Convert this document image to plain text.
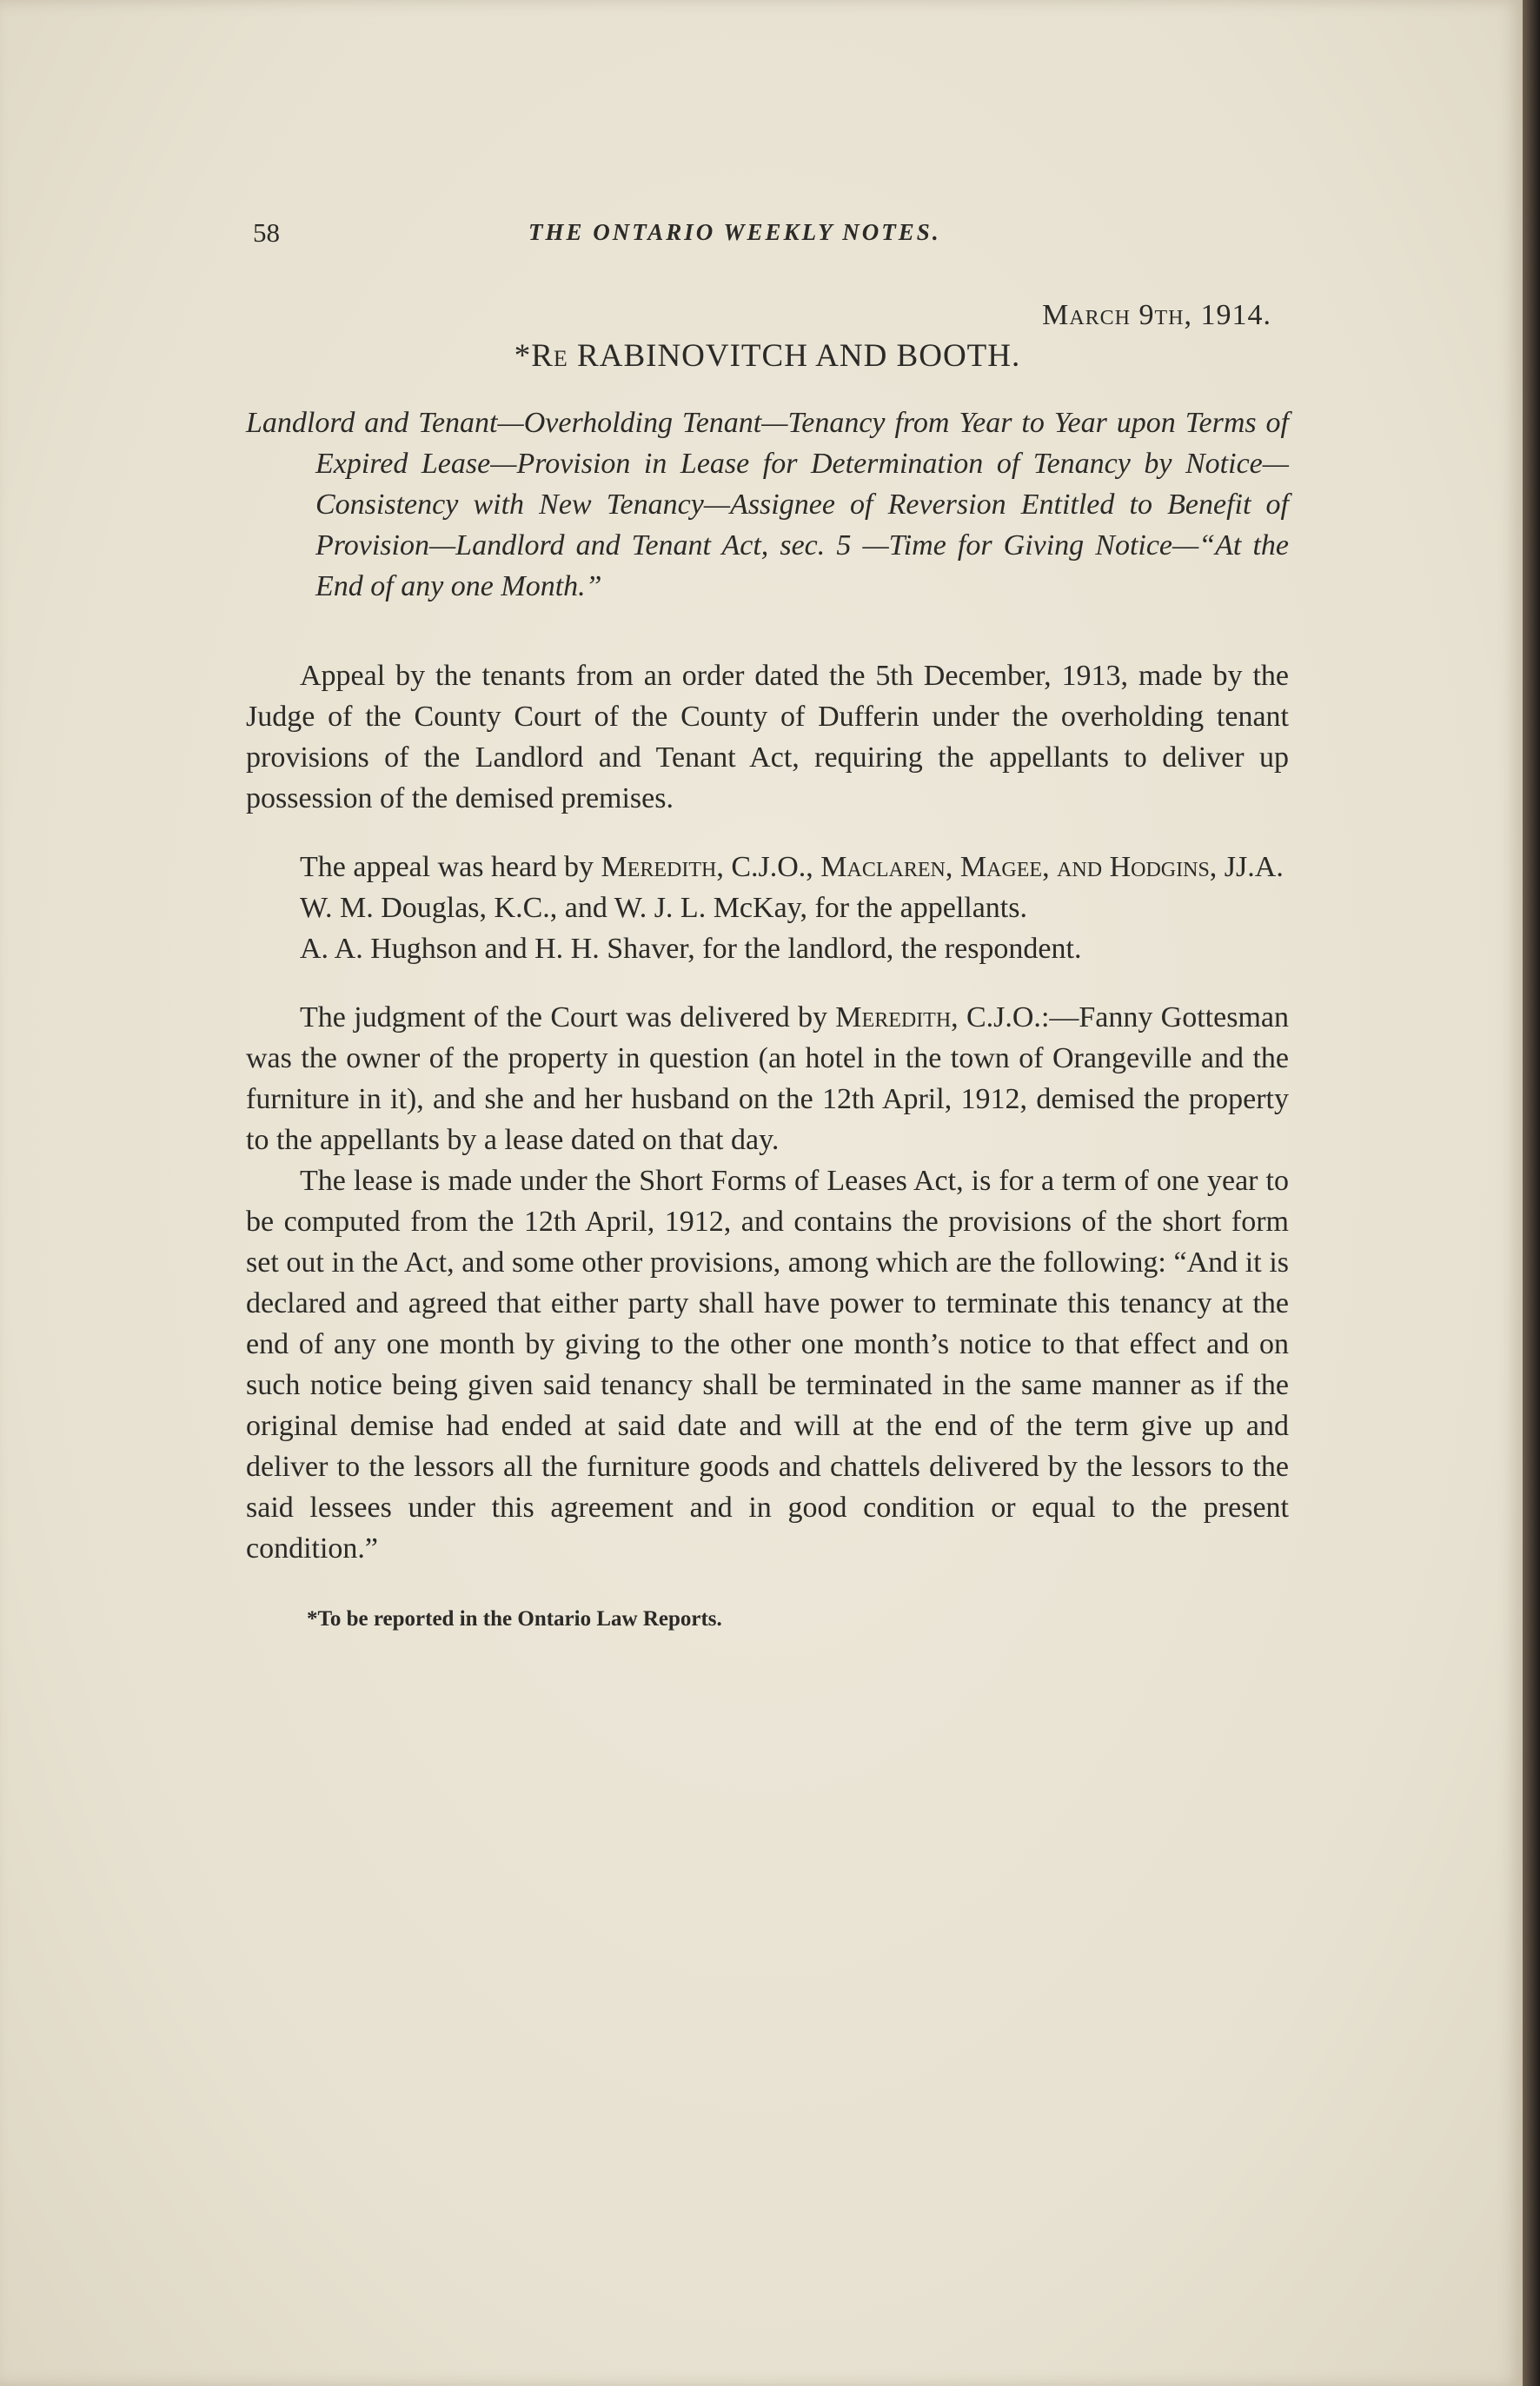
58	THE ONTARIO WEEKLY NOTES.
March 9th, 1914.
*Re RABINOVITCH AND BOOTH.
Landlord and Tenant—Overholding Tenant—Tenancy from Year to Year upon Terms of Expired Lease—Provision in Lease for Determination of Tenancy by Notice—Consistency with New Tenancy—Assignee of Reversion Entitled to Benefit of Provision—Landlord and Tenant Act, sec. 5 —Time for Giving Notice—“At the End of any one Month.”

Appeal by the tenants from an order dated the 5th December, 1913, made by the Judge of the County Court of the County of Dufferin under the overholding tenant provisions of the Landlord and Tenant Act, requiring the appellants to deliver up possession of the demised premises.

The appeal was heard by Meredith, C.J.O., Maclaren, Magee, and Hodgins, JJ.A.

W. M. Douglas, K.C., and W. J. L. McKay, for the appellants.

A. A. Hughson and H. H. Shaver, for the landlord, the respondent.

The judgment of the Court was delivered by Meredith, C.J.O.:—Fanny Gottesman was the owner of the property in question (an hotel in the town of Orangeville and the furniture in it), and she and her husband on the 12th April, 1912, demised the property to the appellants by a lease dated on that day.

The lease is made under the Short Forms of Leases Act, is for a term of one year to be computed from the 12th April, 1912, and contains the provisions of the short form set out in the Act, and some other provisions, among which are the following: “And it is declared and agreed that either party shall have power to terminate this tenancy at the end of any one month by giving to the other one month’s notice to that effect and on such notice being given said tenancy shall be terminated in the same manner as if the original demise had ended at said date and will at the end of the term give up and deliver to the lessors all the furniture goods and chattels delivered by the lessors to the said lessees under this agreement and in good condition or equal to the present condition.”

*To be reported in the Ontario Law Reports.
